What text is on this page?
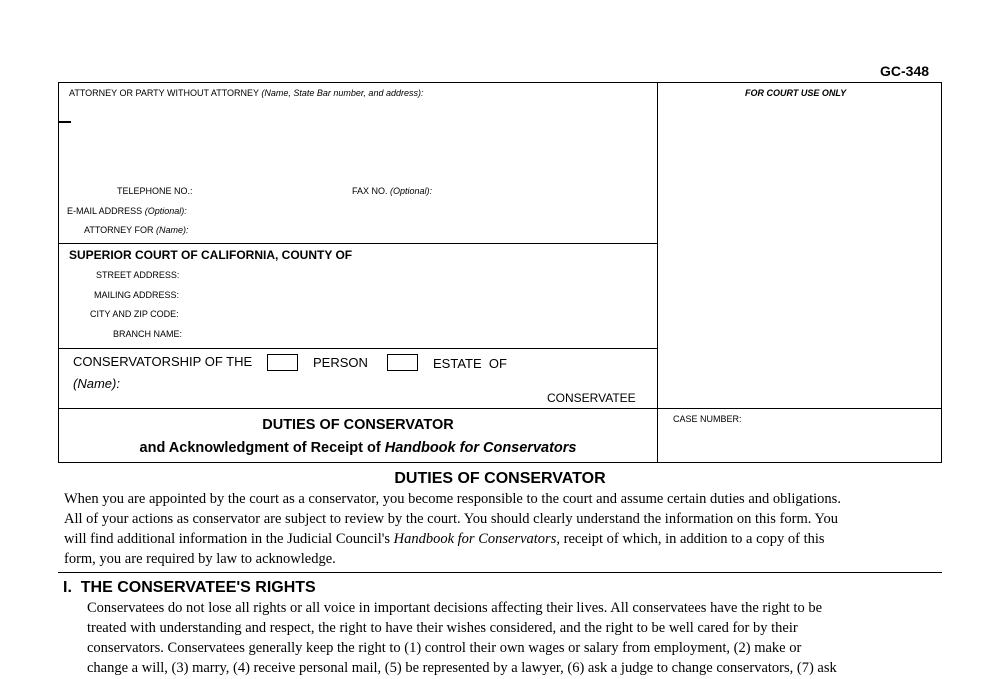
GC-348
ATTORNEY OR PARTY WITHOUT ATTORNEY (Name, State Bar number, and address):	FOR COURT USE ONLY
TELEPHONE NO.:	FAX NO. (Optional):
E-MAIL ADDRESS (Optional):
ATTORNEY FOR (Name):
SUPERIOR COURT OF CALIFORNIA, COUNTY OF
STREET ADDRESS:
MAILING ADDRESS:
CITY AND ZIP CODE:
BRANCH NAME:
CONSERVATORSHIP OF THE	PERSON	ESTATE OF
(Name):
CONSERVATEE
DUTIES OF CONSERVATOR
and Acknowledgment of Receipt of Handbook for Conservators
CASE NUMBER:
DUTIES OF CONSERVATOR
When you are appointed by the court as a conservator, you become responsible to the court and assume certain duties and obligations.
All of your actions as conservator are subject to review by the court. You should clearly understand the information on this form. You
will find additional information in the Judicial Council's Handbook for Conservators, receipt of which, in addition to a copy of this
form, you are required by law to acknowledge.
I.  THE CONSERVATEE'S RIGHTS
Conservatees do not lose all rights or all voice in important decisions affecting their lives. All conservatees have the right to be
treated with understanding and respect, the right to have their wishes considered, and the right to be well cared for by their
conservators. Conservatees generally keep the right to (1) control their own wages or salary from employment, (2) make or
change a will, (3) marry, (4) receive personal mail, (5) be represented by a lawyer, (6) ask a judge to change conservators, (7) ask
